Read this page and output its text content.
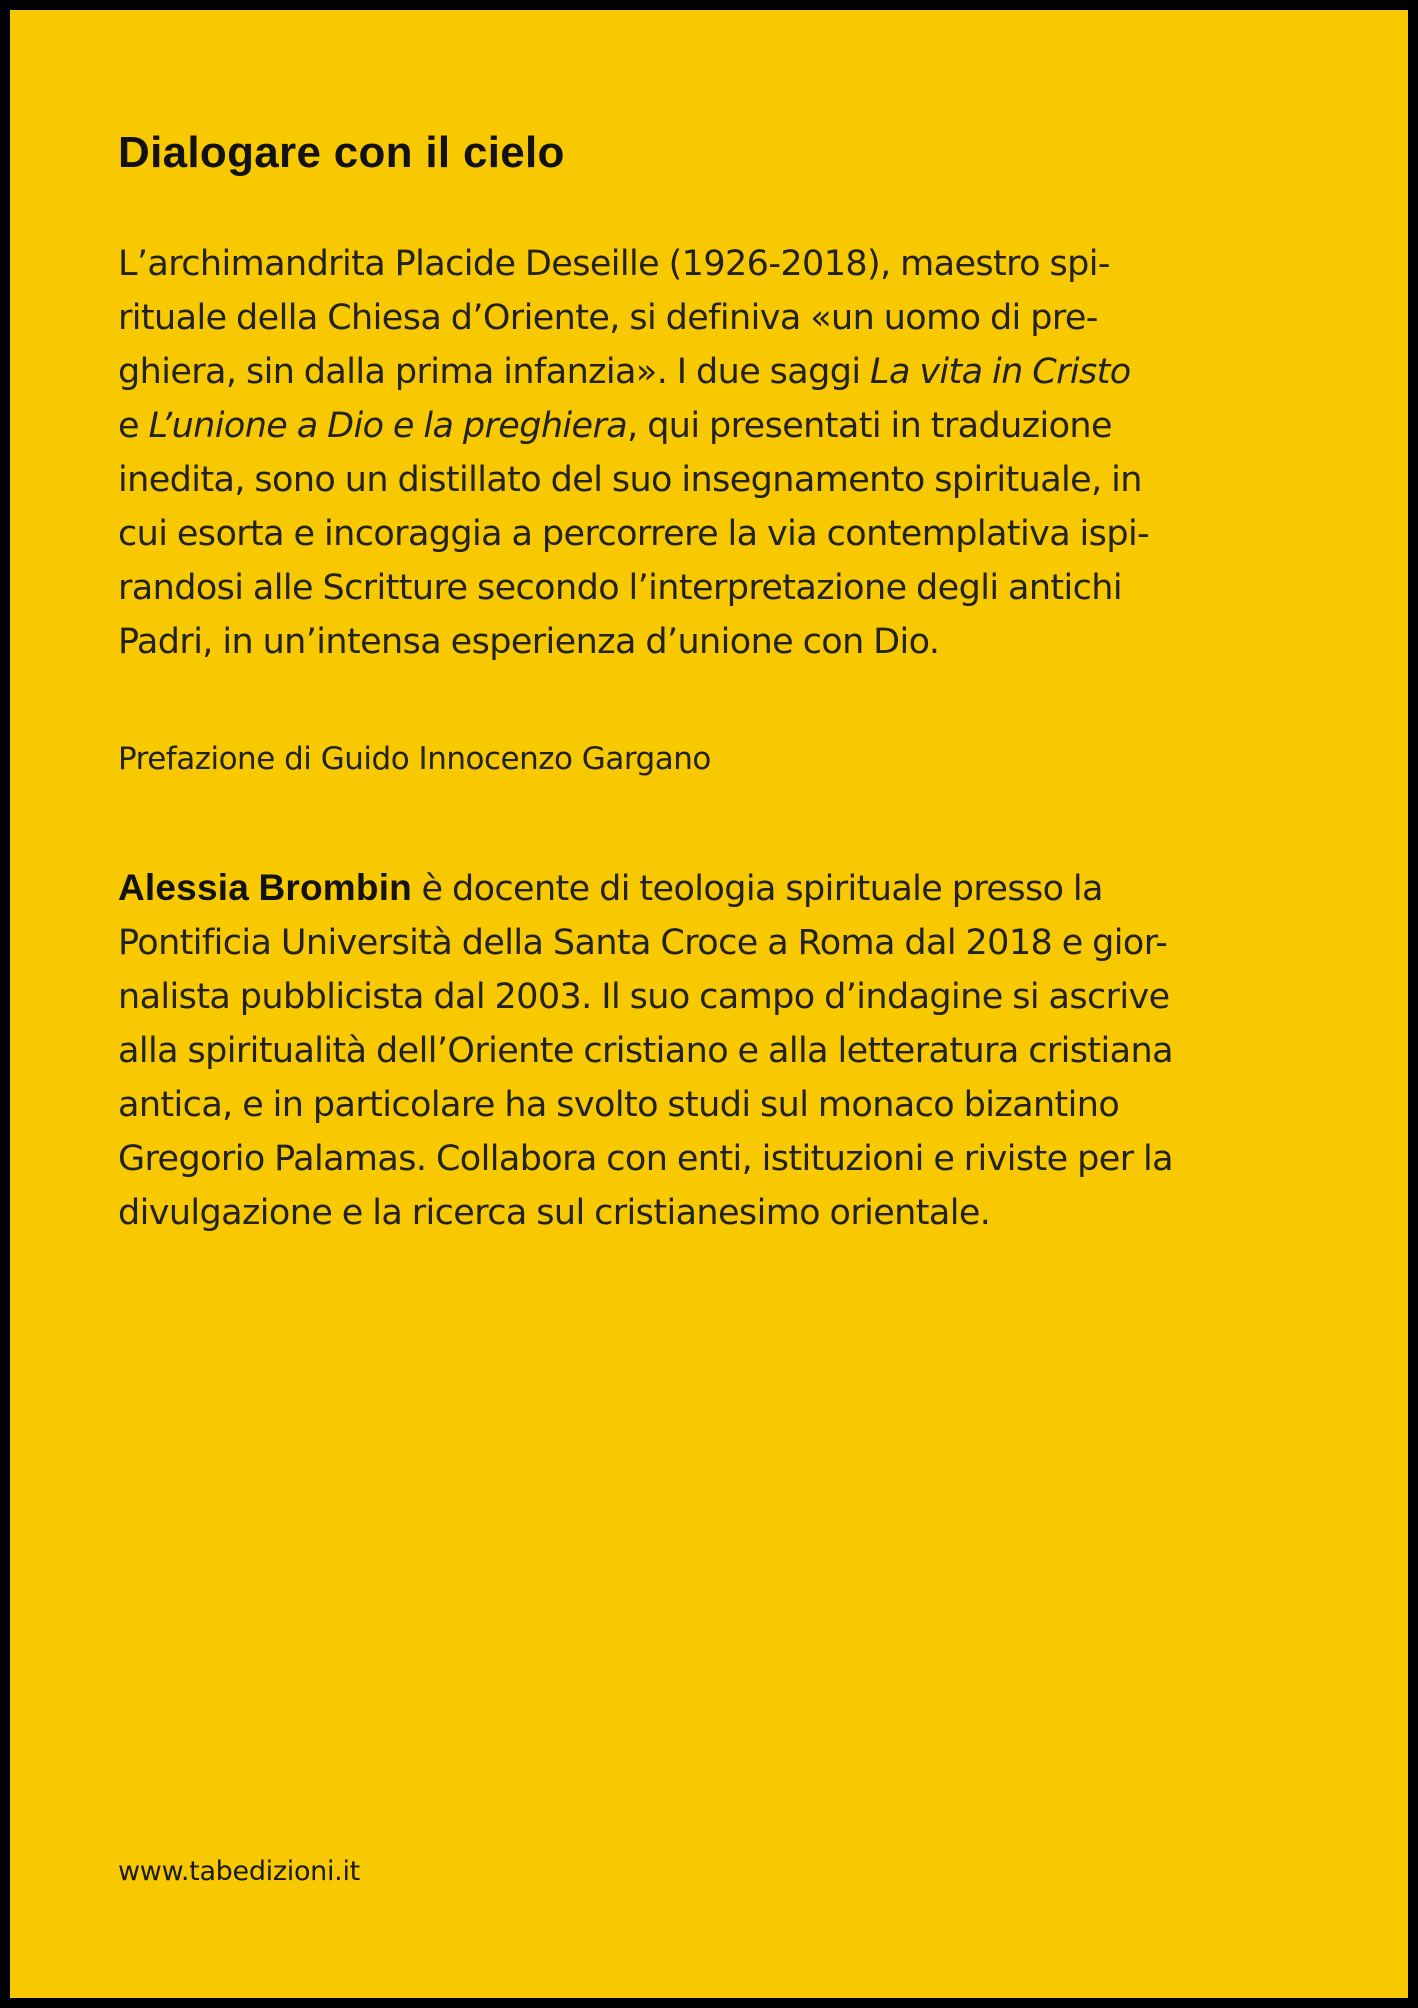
Dialogare con il cielo

L’archimandrita Placide Deseille (1926-2018), maestro spi-
rituale della Chiesa d’Oriente, si definiva «un uomo di pre-
ghiera, sin dalla prima infanzia». I due saggi La vita in Cristo
e L’unione a Dio e la preghiera, qui presentati in traduzione
inedita, sono un distillato del suo insegnamento spirituale, in
cui esorta e incoraggia a percorrere la via contemplativa ispi-
randosi alle Scritture secondo l’interpretazione degli antichi
Padri, in un’intensa esperienza d’unione con Dio.

Prefazione di Guido Innocenzo Gargano

Alessia Brombin è docente di teologia spirituale presso la
Pontificia Università della Santa Croce a Roma dal 2018 e gior-
nalista pubblicista dal 2003. Il suo campo d’indagine si ascrive
alla spiritualità dell’Oriente cristiano e alla letteratura cristiana
antica, e in particolare ha svolto studi sul monaco bizantino
Gregorio Palamas. Collabora con enti, istituzioni e riviste per la
divulgazione e la ricerca sul cristianesimo orientale.

www.tabedizioni.it
